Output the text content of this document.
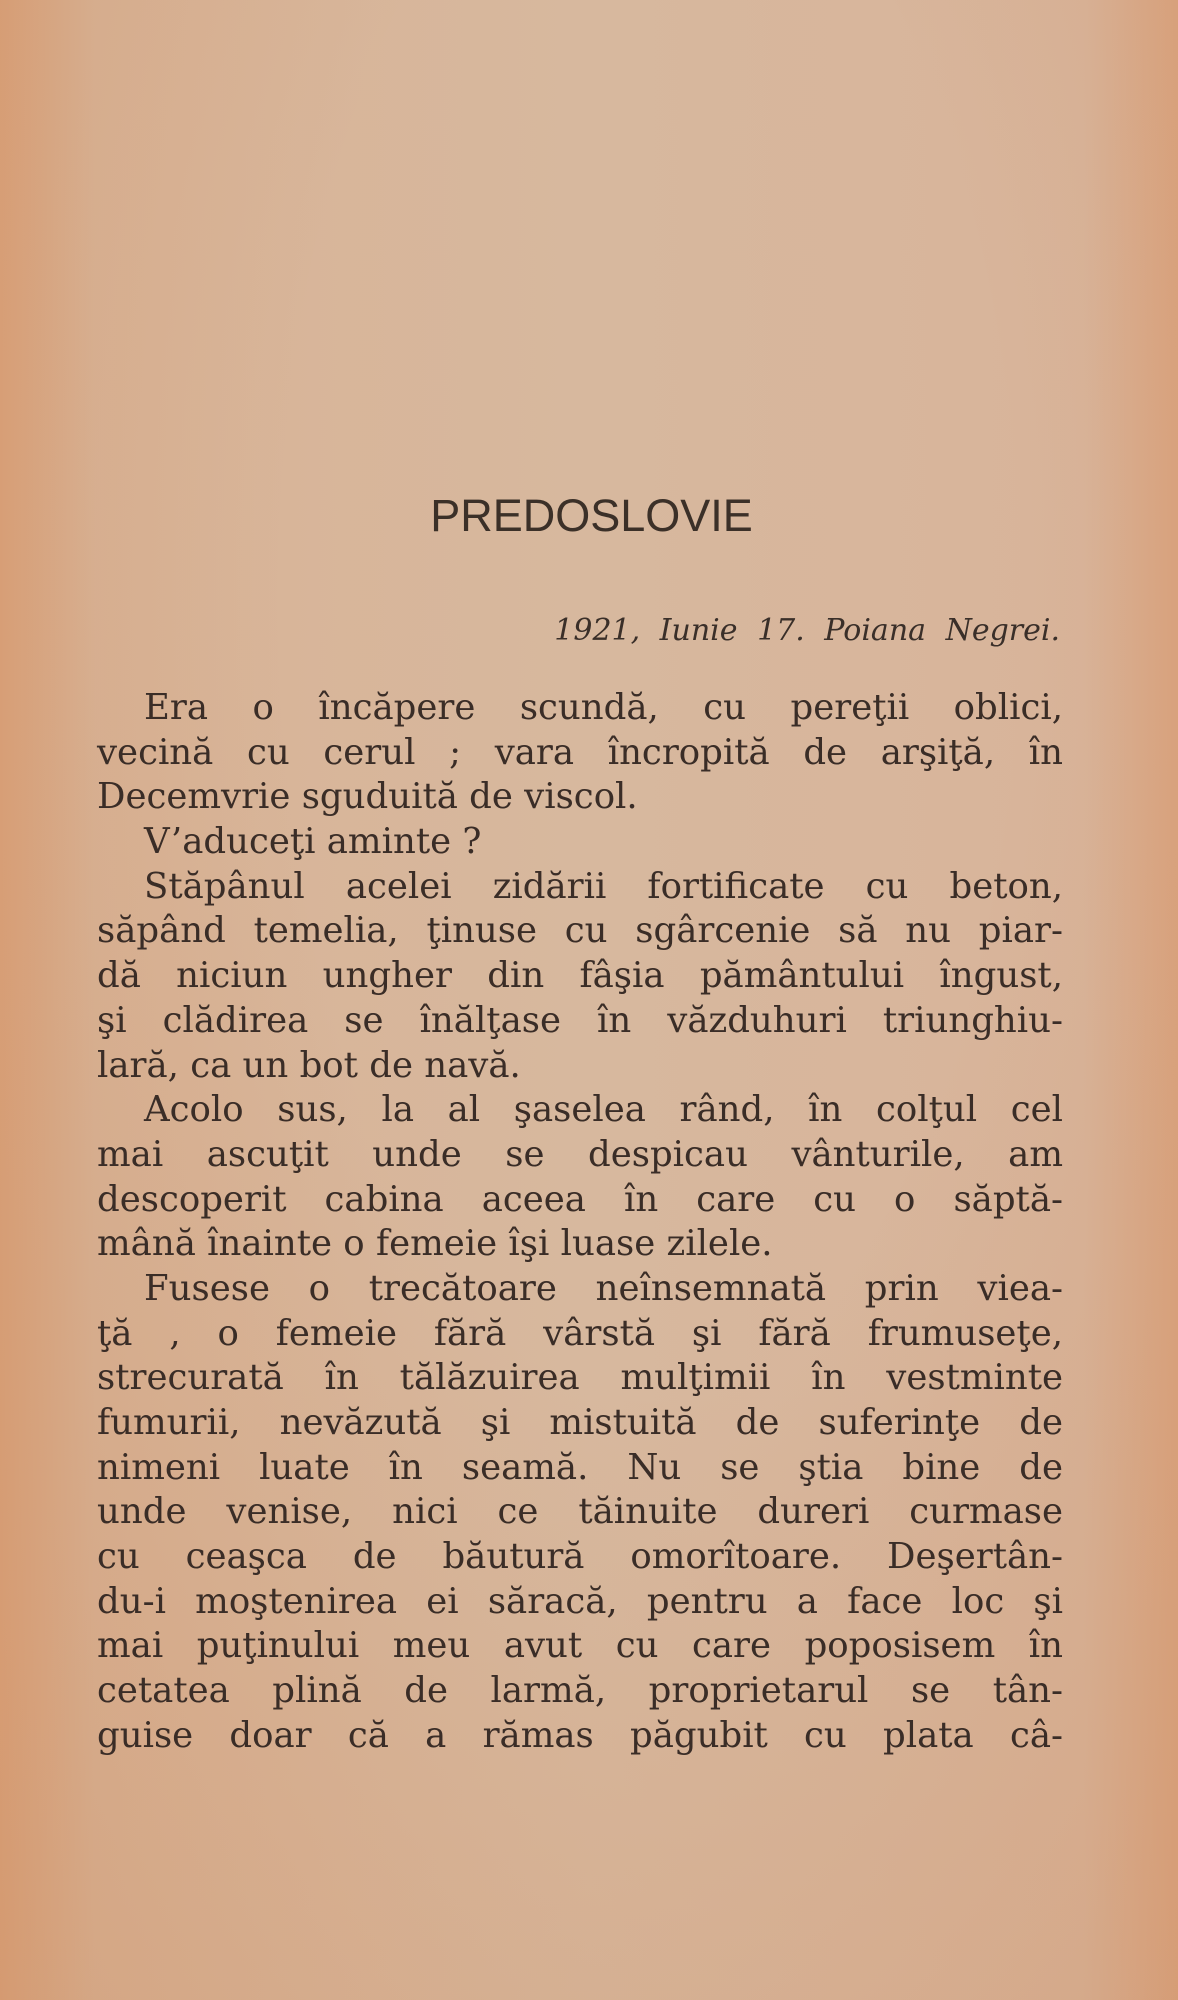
PREDOSLOVIE
1921, Iunie 17. Poiana Negrei.
Era o încăpere scundă, cu pereţii oblici,
vecină cu cerul ; vara încropită de arşiţă, în
Decemvrie sguduită de viscol.
V’aduceţi aminte ?
Stăpânul acelei zidării fortificate cu beton,
săpând temelia, ţinuse cu sgârcenie să nu piar-
dă niciun ungher din fâşia pământului îngust,
şi clădirea se înălţase în văzduhuri triunghiu-
lară, ca un bot de navă.
Acolo sus, la al şaselea rând, în colţul cel
mai ascuţit unde se despicau vânturile, am
descoperit cabina aceea în care cu o săptă-
mână înainte o femeie îşi luase zilele.
Fusese o trecătoare neînsemnată prin viea-
ţă , o femeie fără vârstă şi fără frumuseţe,
strecurată în tălăzuirea mulţimii în vestminte
fumurii, nevăzută şi mistuită de suferinţe de
nimeni luate în seamă. Nu se ştia bine de
unde venise, nici ce tăinuite dureri curmase
cu ceaşca de băutură omorîtoare. Deşertân-
du-i moştenirea ei săracă, pentru a face loc şi
mai puţinului meu avut cu care poposisem în
cetatea plină de larmă, proprietarul se tân-
guise doar că a rămas păgubit cu plata câ-
